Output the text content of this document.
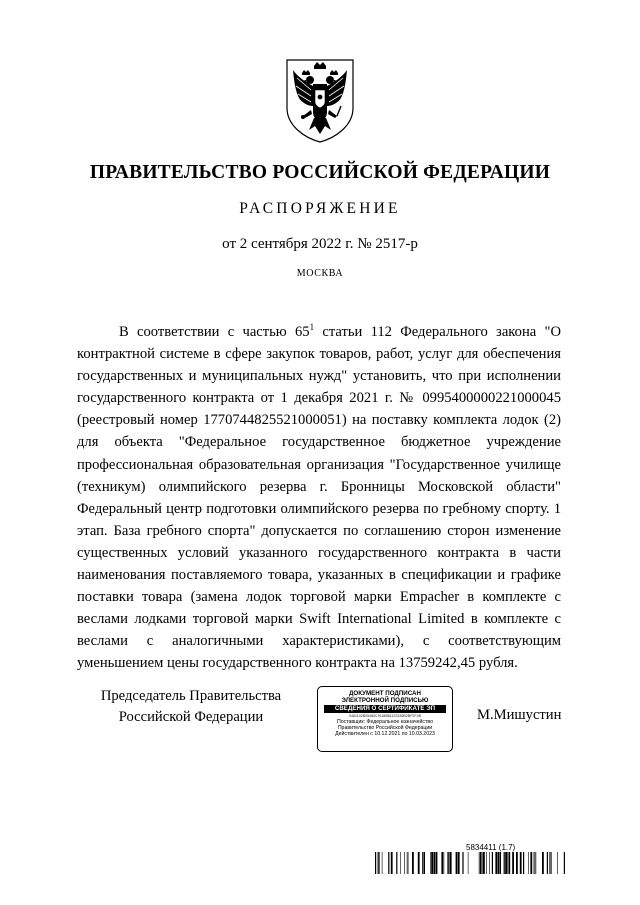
ПРАВИТЕЛЬСТВО РОССИЙСКОЙ ФЕДЕРАЦИИ
РАСПОРЯЖЕНИЕ
от 2 сентября 2022 г. № 2517-р
МОСКВА
В соответствии с частью $65^1$ статьи 112 Федерального закона "О контрактной системе в сфере закупок товаров, работ, услуг для обеспечения государственных и муниципальных нужд" установить, что при исполнении государственного контракта от 1 декабря 2021 г. № 0995400000221000045 (реестровый номер 1770744825521000051) на поставку комплекта лодок (2) для объекта "Федеральное государственное бюджетное учреждение профессиональная образовательная организация "Государственное училище (техникум) олимпийского резерва г. Бронницы Московской области" Федеральный центр подготовки олимпийского резерва по гребному спорту. 1 этап. База гребного спорта" допускается по соглашению сторон изменение существенных условий указанного государственного контракта в части наименования поставляемого товара, указанных в спецификации и графике поставки товара (замена лодок торговой марки Empacher в комплекте с веслами лодками торговой марки Swift International Limited в комплекте с веслами с аналогичными характеристиками), с соответствующим уменьшением цены государственного контракта на 13759242,45 рубля.
Председатель Правительства
Российской Федерации
ДОКУМЕНТ ПОДПИСАН
ЭЛЕКТРОННОЙ ПОДПИСЬЮ
СВЕДЕНИЯ О СЕРТИФИКАТЕ ЭП
0481102B05480C9168981123336B2BF2F4B
Поставщик: Федеральное казначейство
Правительство Российской Федерации
Действителен с 10.12.2021 по 10.03.2023
М.Мишустин
5834411 (1.7)
